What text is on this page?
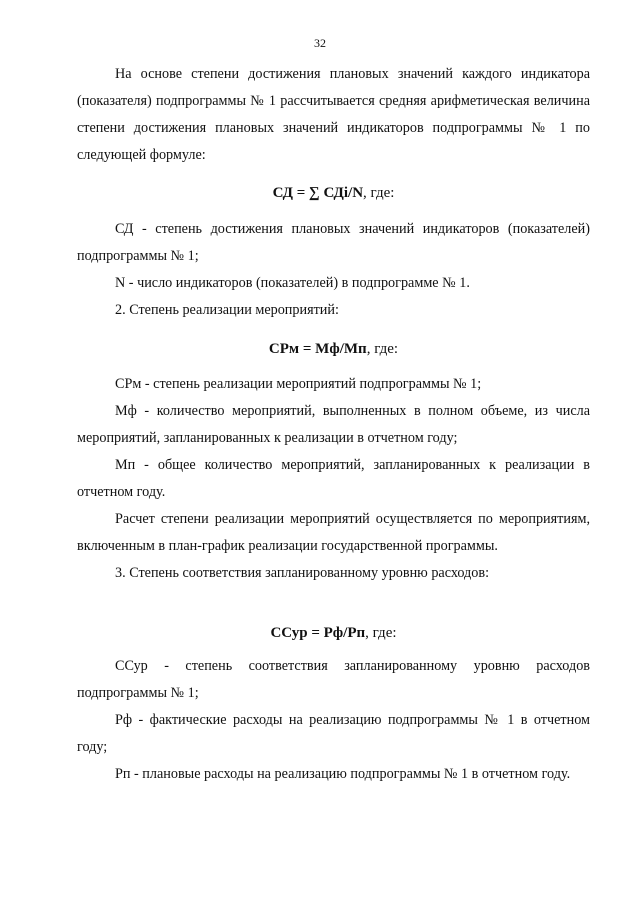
32

На основе степени достижения плановых значений каждого индикатора (показателя) подпрограммы № 1 рассчитывается средняя арифметическая величина степени достижения плановых значений индикаторов подпрограммы № 1 по следующей формуле:

СД = ∑ СДi/N, где:

СД - степень достижения плановых значений индикаторов (показателей) подпрограммы № 1;

N - число индикаторов (показателей) в подпрограмме № 1.

2. Степень реализации мероприятий:

СРм = Мф/Мп, где:

СРм - степень реализации мероприятий подпрограммы № 1;

Мф - количество мероприятий, выполненных в полном объеме, из числа мероприятий, запланированных к реализации в отчетном году;

Мп - общее количество мероприятий, запланированных к реализации в отчетном году.

Расчет степени реализации мероприятий осуществляется по мероприятиям, включенным в план-график реализации государственной программы.

3. Степень соответствия запланированному уровню расходов:

ССур = Рф/Рп, где:

ССур - степень соответствия запланированному уровню расходов подпрограммы № 1;

Рф - фактические расходы на реализацию подпрограммы № 1 в отчетном году;

Рп - плановые расходы на реализацию подпрограммы № 1 в отчетном году.
